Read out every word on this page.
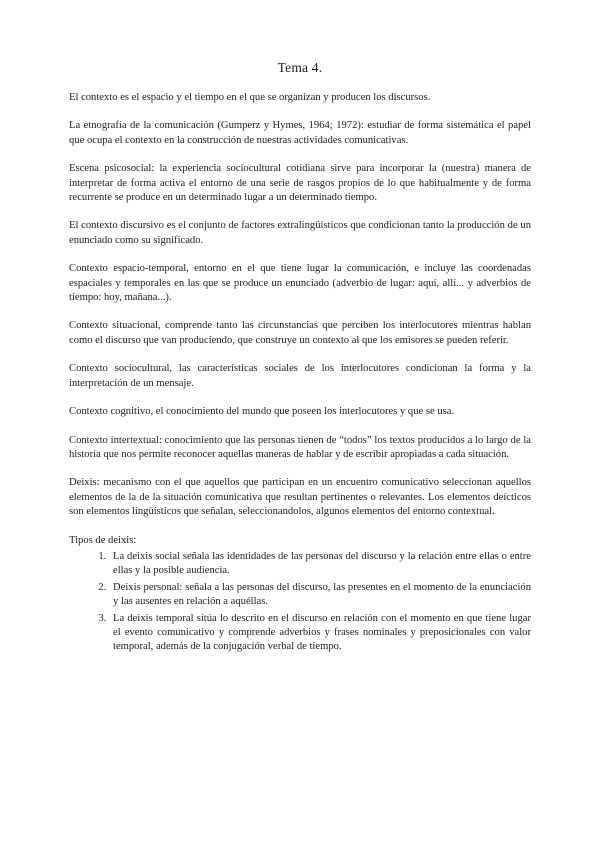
Tema 4.

El contexto es el espacio y el tiempo en el que se organizan y producen los discursos.

La etnografía de la comunicación (Gumperz y Hymes, 1964; 1972): estudiar de forma sistemática el papel que ocupa el contexto en la construcción de nuestras actividades comunicativas.

Escena psicosocial: la experiencia sociocultural cotidiana sirve para incorporar la (nuestra) manera de interpretar de forma activa el entorno de una serie de rasgos propios de lo que habitualmente y de forma recurrente se produce en un determinado lugar a un determinado tiempo.

El contexto discursivo es el conjunto de factores extralingüísticos que condicionan tanto la producción de un enunciado como su significado.

Contexto espacio-temporal, entorno en el que tiene lugar la comunicación, e incluye las coordenadas espaciales y temporales en las que se produce un enunciado (adverbio de lugar: aquí, allí... y adverbios de tiempo: hoy, mañana...).

Contexto situacional, comprende tanto las circunstancias que perciben los interlocutores mientras hablan como el discurso que van produciendo, que construye un contexto al que los emisores se pueden referir.

Contexto sociocultural, las características sociales de los interlocutores condicionan la forma y la interpretación de un mensaje.

Contexto cognitivo, el conocimiento del mundo que poseen los interlocutores y que se usa.

Contexto intertextual: conocimiento que las personas tienen de “todos” los textos producidos a lo largo de la historia que nos permite reconocer aquellas maneras de hablar y de escribir apropiadas a cada situación.

Deixis: mecanismo con el que aquellos que participan en un encuentro comunicativo seleccionan aquellos elementos de la de la situación comunicativa que resultan pertinentes o relevantes. Los elementos deícticos son elementos lingüísticos que señalan, seleccionandolos, algunos elementos del entorno contextual.

Tipos de deixis:

1. La deixis social señala las identidades de las personas del discurso y la relación entre ellas o entre ellas y la posible audiencia.
2. Deixis personal: señala a las personas del discurso, las presentes en el momento de la enunciación y las ausentes en relación a aquéllas.
3. La deixis temporal sitúa lo descrito en el discurso en relación con el momento en que tiene lugar el evento comunicativo y comprende adverbios y frases nominales y preposicionales con valor temporal, además de la conjugación verbal de tiempo.
